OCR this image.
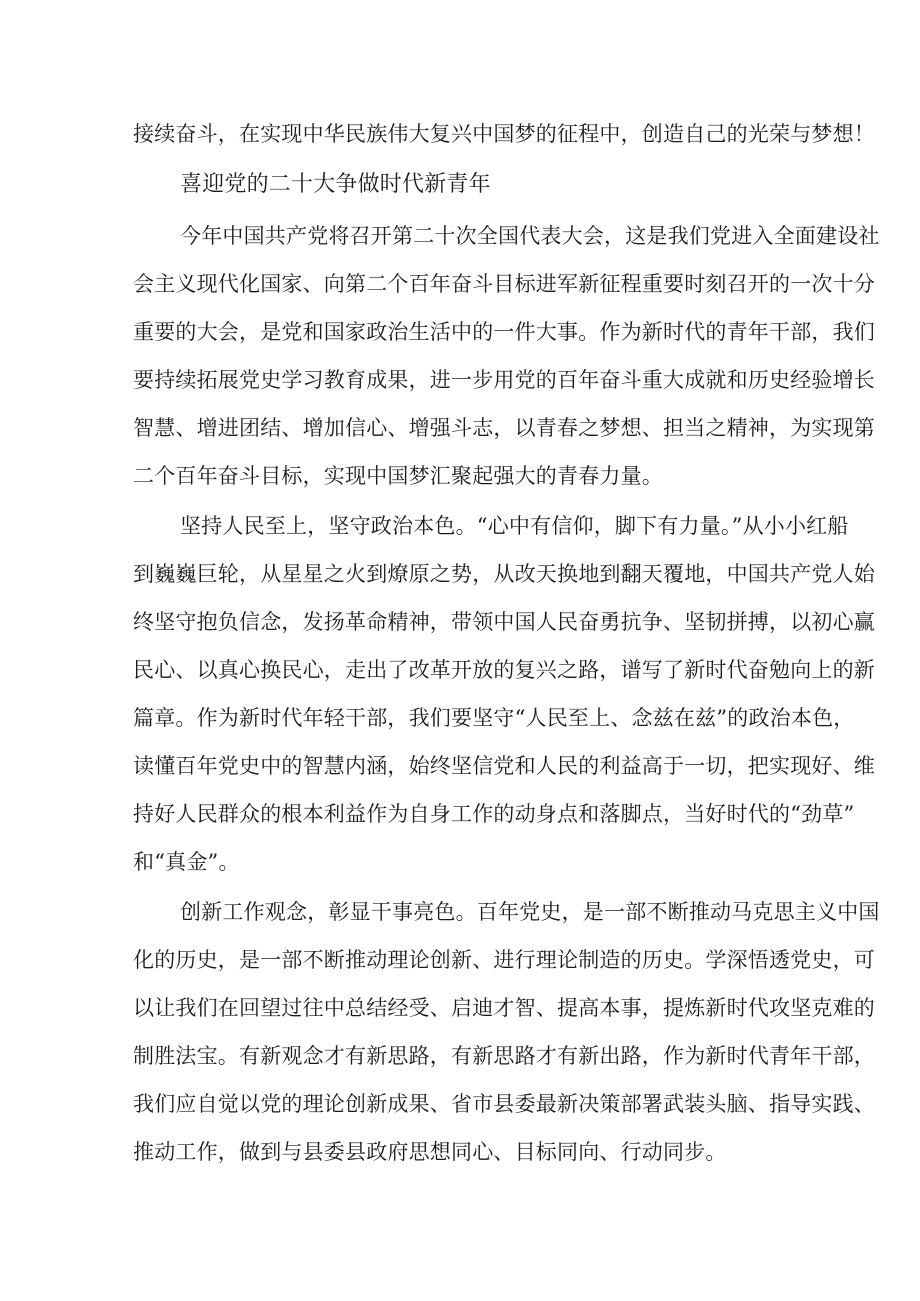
接续奋斗，在实现中华民族伟大复兴中国梦的征程中，创造自己的光荣与梦想！
喜迎党的二十大争做时代新青年
今年中国共产党将召开第二十次全国代表大会，这是我们党进入全面建设社
会主义现代化国家、向第二个百年奋斗目标进军新征程重要时刻召开的一次十分
重要的大会，是党和国家政治生活中的一件大事。作为新时代的青年干部，我们
要持续拓展党史学习教育成果，进一步用党的百年奋斗重大成就和历史经验增长
智慧、增进团结、增加信心、增强斗志，以青春之梦想、担当之精神，为实现第
二个百年奋斗目标，实现中国梦汇聚起强大的青春力量。
坚持人民至上，坚守政治本色。“心中有信仰，脚下有力量。”从小小红船
到巍巍巨轮，从星星之火到燎原之势，从改天换地到翻天覆地，中国共产党人始
终坚守抱负信念，发扬革命精神，带领中国人民奋勇抗争、坚韧拼搏，以初心赢
民心、以真心换民心，走出了改革开放的复兴之路，谱写了新时代奋勉向上的新
篇章。作为新时代年轻干部，我们要坚守“人民至上、念兹在兹”的政治本色，
读懂百年党史中的智慧内涵，始终坚信党和人民的利益高于一切，把实现好、维
持好人民群众的根本利益作为自身工作的动身点和落脚点，当好时代的“劲草”
和“真金”。
创新工作观念，彰显干事亮色。百年党史，是一部不断推动马克思主义中国
化的历史，是一部不断推动理论创新、进行理论制造的历史。学深悟透党史，可
以让我们在回望过往中总结经受、启迪才智、提高本事，提炼新时代攻坚克难的
制胜法宝。有新观念才有新思路，有新思路才有新出路，作为新时代青年干部，
我们应自觉以党的理论创新成果、省市县委最新决策部署武装头脑、指导实践、
推动工作，做到与县委县政府思想同心、目标同向、行动同步。
